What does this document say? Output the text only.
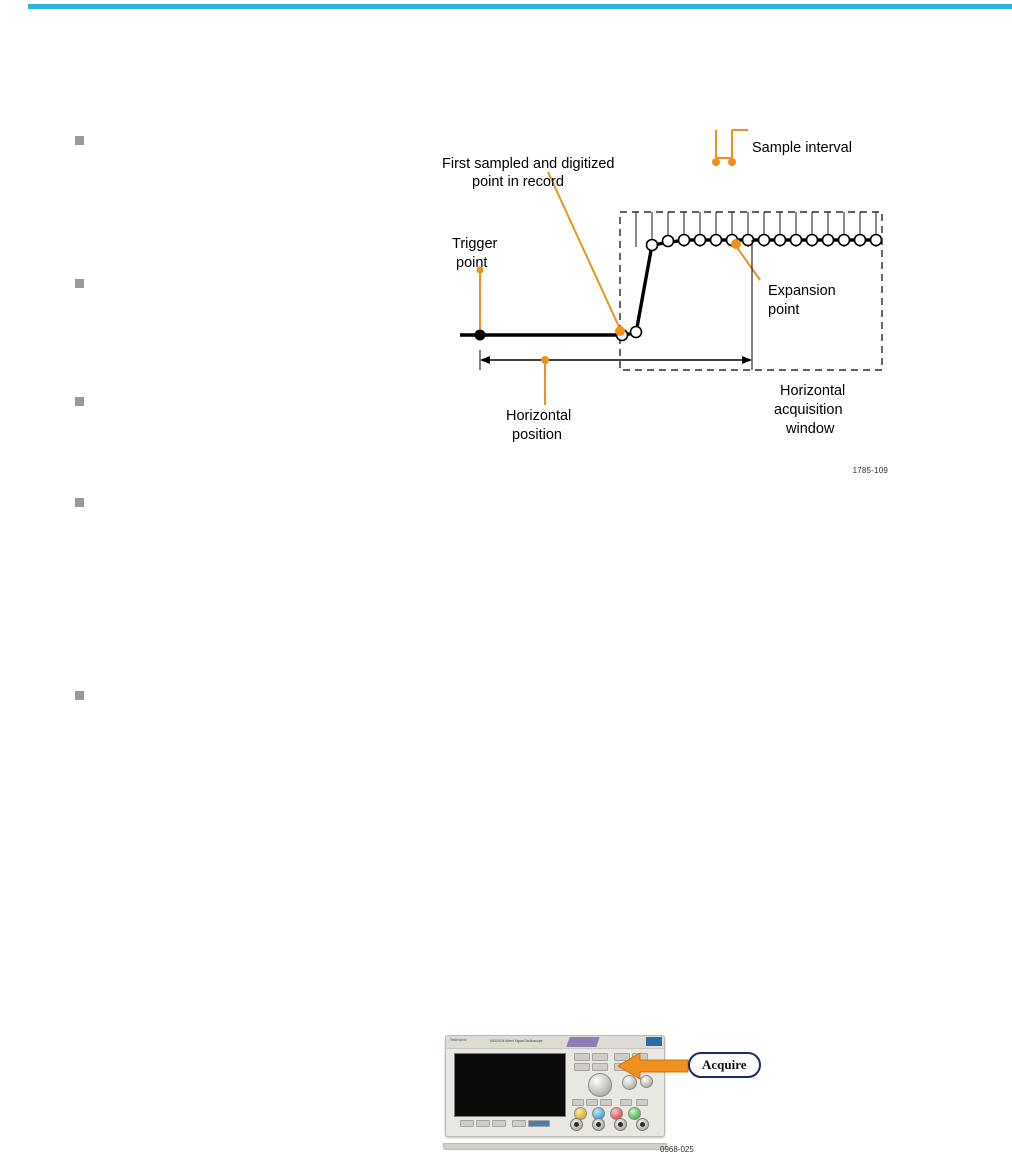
Sample interval
First sampled and digitized
point in record
Trigger
point
Expansion
point
Horizontal
position
Horizontal
acquisition
window
1785-109
Tektronix	MSO4034 Mixed Signal Oscilloscope
Acquire
0968-025
